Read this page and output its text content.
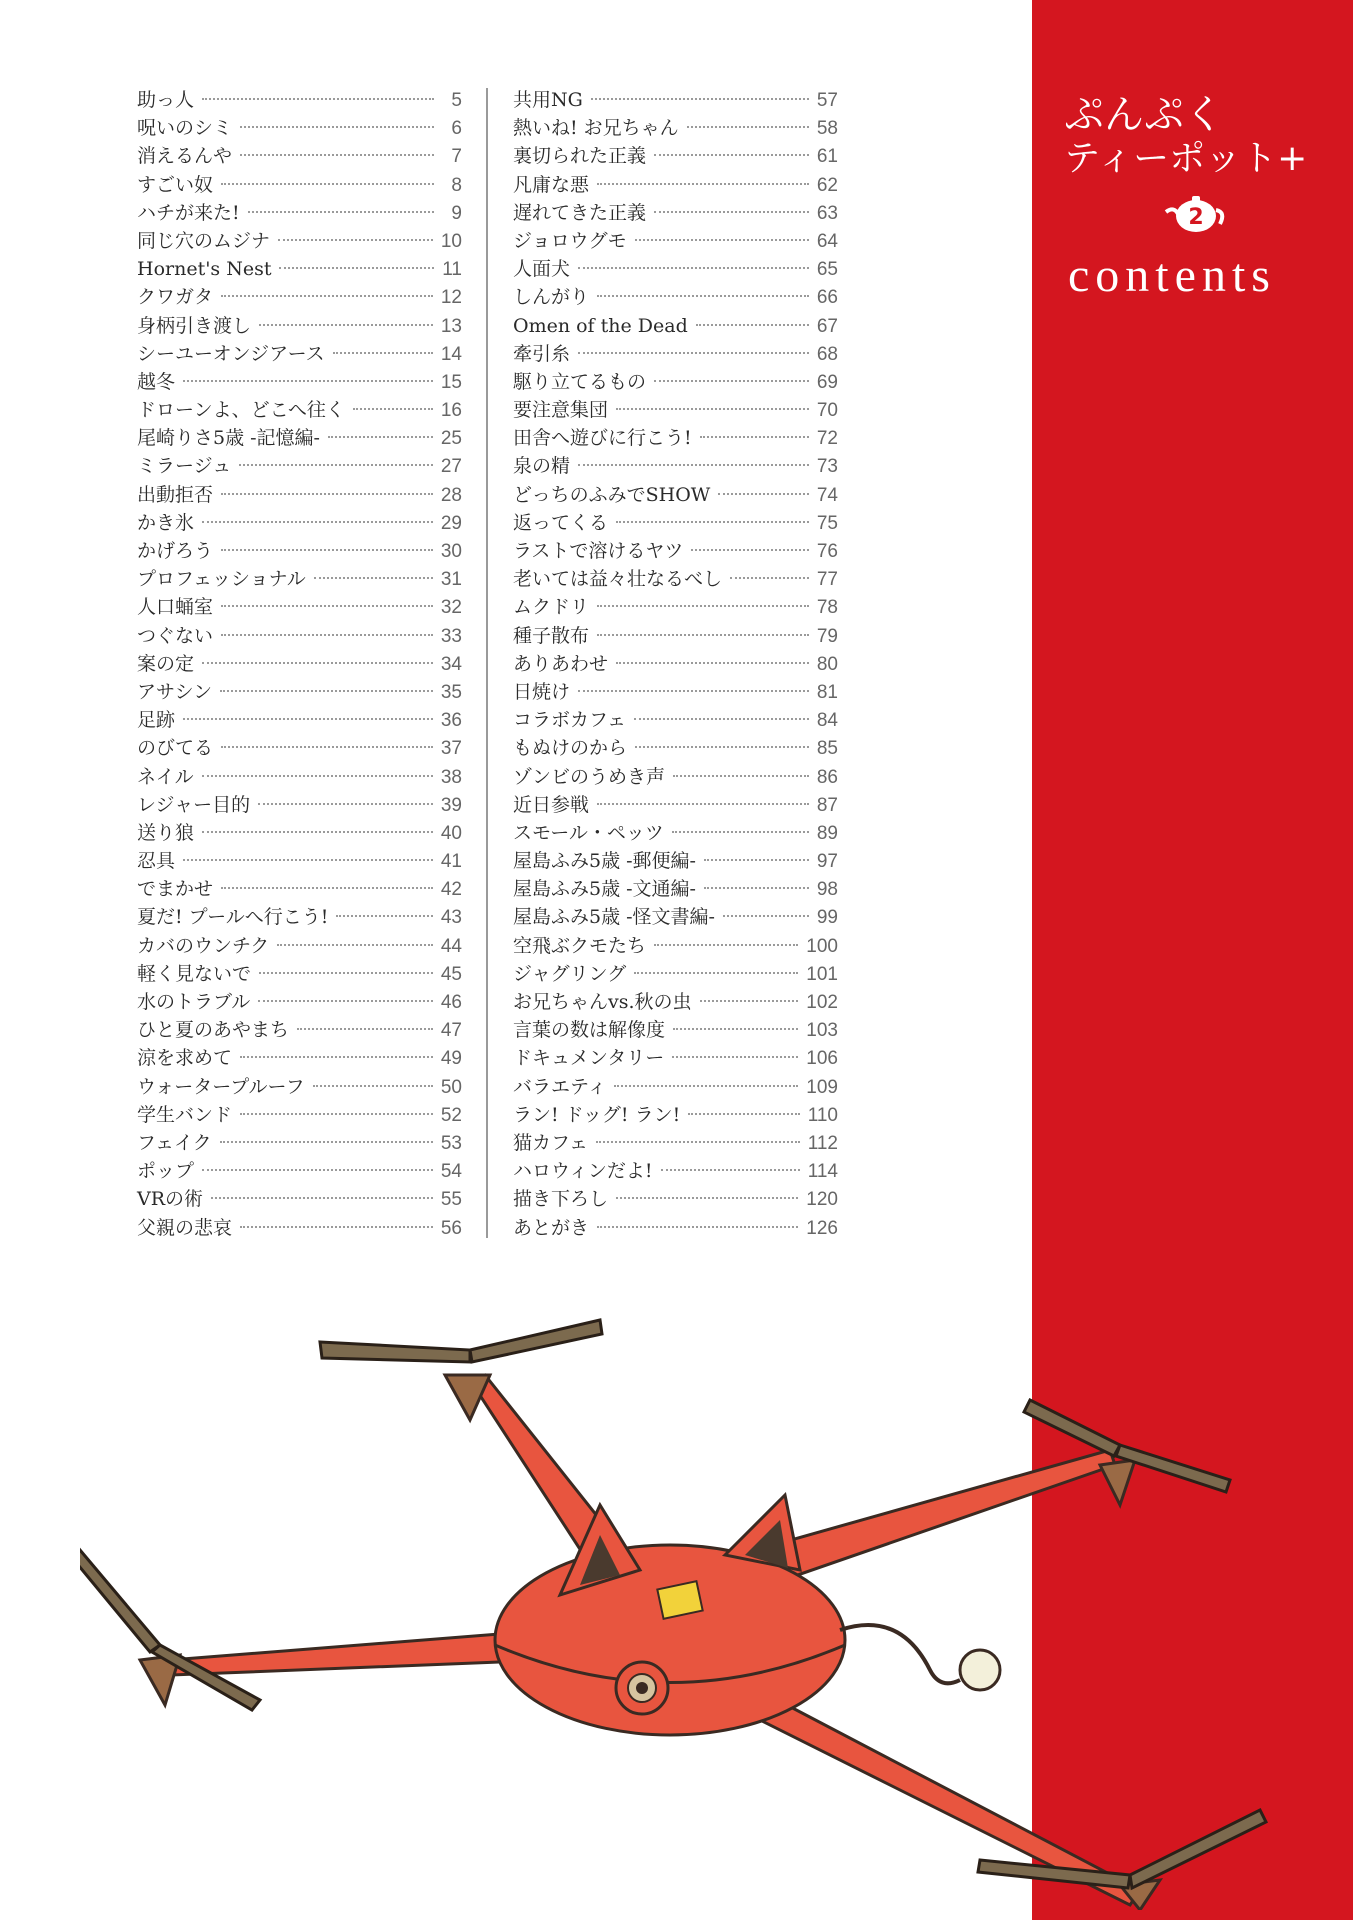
ぷんぷく
ティーポット+
2
contents
助っ人	5
呪いのシミ	6
消えるんや	7
すごい奴	8
ハチが来た!	9
同じ穴のムジナ	10
Hornet's Nest	11
クワガタ	12
身柄引き渡し	13
シーユーオンジアース	14
越冬	15
ドローンよ、どこへ往く	16
尾崎りさ5歳 -記憶編-	25
ミラージュ	27
出動拒否	28
かき氷	29
かげろう	30
プロフェッショナル	31
人口蛹室	32
つぐない	33
案の定	34
アサシン	35
足跡	36
のびてる	37
ネイル	38
レジャー目的	39
送り狼	40
忍具	41
でまかせ	42
夏だ! プールへ行こう!	43
カバのウンチク	44
軽く見ないで	45
水のトラブル	46
ひと夏のあやまち	47
涼を求めて	49
ウォータープルーフ	50
学生バンド	52
フェイク	53
ポップ	54
VRの術	55
父親の悲哀	56
共用NG	57
熱いね! お兄ちゃん	58
裏切られた正義	61
凡庸な悪	62
遅れてきた正義	63
ジョロウグモ	64
人面犬	65
しんがり	66
Omen of the Dead	67
牽引糸	68
駆り立てるもの	69
要注意集団	70
田舎へ遊びに行こう!	72
泉の精	73
どっちのふみでSHOW	74
返ってくる	75
ラストで溶けるヤツ	76
老いては益々壮なるべし	77
ムクドリ	78
種子散布	79
ありあわせ	80
日焼け	81
コラボカフェ	84
もぬけのから	85
ゾンビのうめき声	86
近日参戦	87
スモール・ペッツ	89
屋島ふみ5歳 -郵便編-	97
屋島ふみ5歳 -文通編-	98
屋島ふみ5歳 -怪文書編-	99
空飛ぶクモたち	100
ジャグリング	101
お兄ちゃんvs.秋の虫	102
言葉の数は解像度	103
ドキュメンタリー	106
バラエティ	109
ラン! ドッグ! ラン!	110
猫カフェ	112
ハロウィンだよ!	114
描き下ろし	120
あとがき	126
